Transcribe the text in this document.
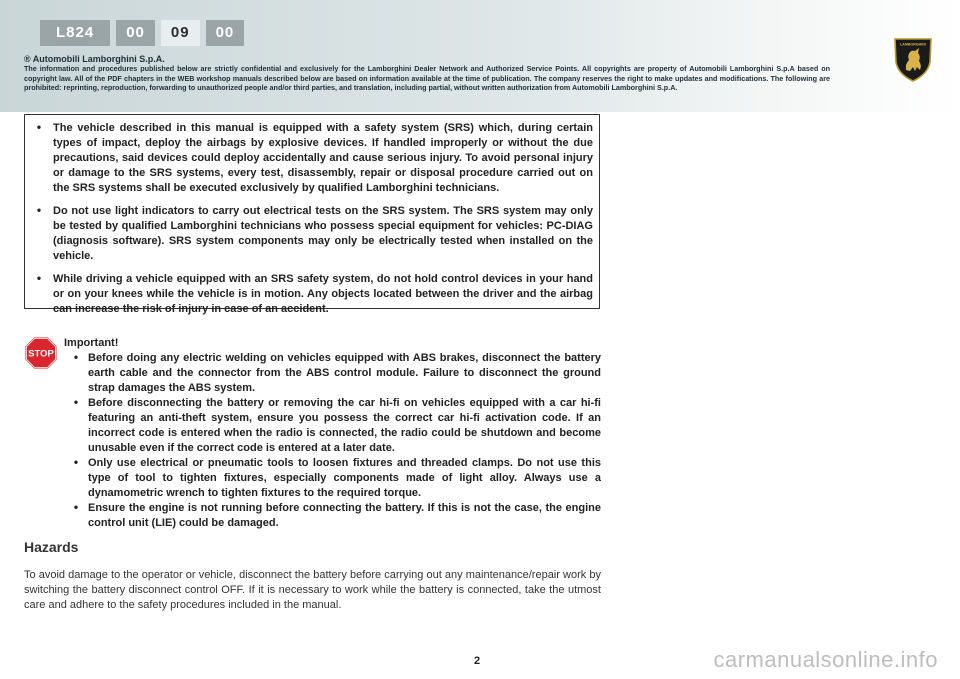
L824	00	09	00
® Automobili Lamborghini S.p.A.
The information and procedures published below are strictly confidential and exclusively for the Lamborghini Dealer Network and Authorized Service Points. All copyrights are property of Automobili Lamborghini S.p.A based on copyright law. All of the PDF chapters in the WEB workshop manuals described below are based on information available at the time of publication. The company reserves the right to make updates and modifications. The following are prohibited: reprinting, reproduction, forwarding to unauthorized people and/or third parties, and translation, including partial, without written authorization from Automobili Lamborghini S.p.A.
LAMBORGHINI
•	The vehicle described in this manual is equipped with a safety system (SRS) which, during certain types of impact, deploy the airbags by explosive devices. If handled improperly or without the due precautions, said devices could deploy accidentally and cause serious injury. To avoid personal injury or damage to the SRS systems, every test, disassembly, repair or disposal procedure carried out on the SRS systems shall be executed exclusively by qualified Lamborghini technicians.
•	Do not use light indicators to carry out electrical tests on the SRS system. The SRS system may only be tested by qualified Lamborghini technicians who possess special equipment for vehicles: PC-DIAG (diagnosis software). SRS system components may only be electrically tested when installed on the vehicle.
•	While driving a vehicle equipped with an SRS safety system, do not hold control devices in your hand or on your knees while the vehicle is in motion. Any objects located between the driver and the airbag can increase the risk of injury in case of an accident.
STOP
Important!
• Before doing any electric welding on vehicles equipped with ABS brakes, disconnect the battery earth cable and the connector from the ABS control module. Failure to disconnect the ground strap damages the ABS system.
• Before disconnecting the battery or removing the car hi-fi on vehicles equipped with a car hi-fi featuring an anti-theft system, ensure you possess the correct car hi-fi activation code. If an incorrect code is entered when the radio is connected, the radio could be shutdown and become unusable even if the correct code is entered at a later date.
• Only use electrical or pneumatic tools to loosen fixtures and threaded clamps. Do not use this type of tool to tighten fixtures, especially components made of light alloy. Always use a dynamometric wrench to tighten fixtures to the required torque.
• Ensure the engine is not running before connecting the battery. If this is not the case, the engine control unit (LIE) could be damaged.
Hazards
To avoid damage to the operator or vehicle, disconnect the battery before carrying out any maintenance/repair work by switching the battery disconnect control OFF. If it is necessary to work while the battery is connected, take the utmost care and adhere to the safety procedures included in the manual.
2	carmanualsonline.info
